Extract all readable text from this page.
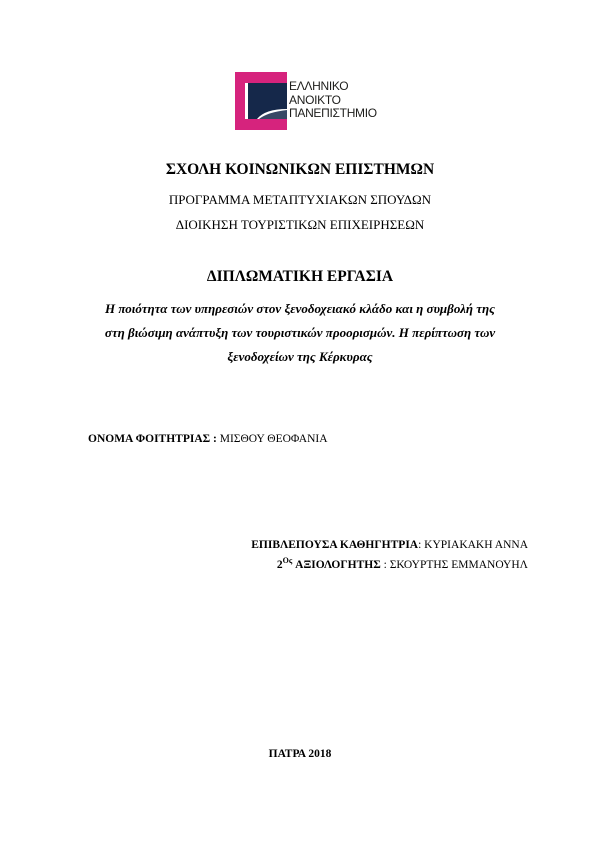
ΕΛΛΗΝΙΚΟ
ΑΝΟΙΚΤΟ
ΠΑΝΕΠΙΣΤΗΜΙΟ

ΣΧΟΛΗ ΚΟΙΝΩΝΙΚΩΝ ΕΠΙΣΤΗΜΩΝ

ΠΡΟΓΡΑΜΜΑ ΜΕΤΑΠΤΥΧΙΑΚΩΝ ΣΠΟΥΔΩΝ

ΔΙΟΙΚΗΣΗ ΤΟΥΡΙΣΤΙΚΩΝ ΕΠΙΧΕΙΡΗΣΕΩΝ

ΔΙΠΛΩΜΑΤΙΚΗ ΕΡΓΑΣΙΑ

Η ποιότητα των υπηρεσιών στον ξενοδοχειακό κλάδο και η συμβολή της
στη βιώσιμη ανάπτυξη των τουριστικών προορισμών. Η περίπτωση των
ξενοδοχείων της Κέρκυρας

ΟΝΟΜΑ ΦΟΙΤΗΤΡΙΑΣ : ΜΙΣΘΟΥ ΘΕΟΦΑΝΙΑ

ΕΠΙΒΛΕΠΟΥΣΑ ΚΑΘΗΓΗΤΡΙΑ: ΚΥΡΙΑΚΑΚΗ ΑΝΝΑ

$2^{O\varsigma}$ ΑΞΙΟΛΟΓΗΤΗΣ : ΣΚΟΥΡΤΗΣ ΕΜΜΑΝΟΥΗΛ

ΠΑΤΡΑ 2018
